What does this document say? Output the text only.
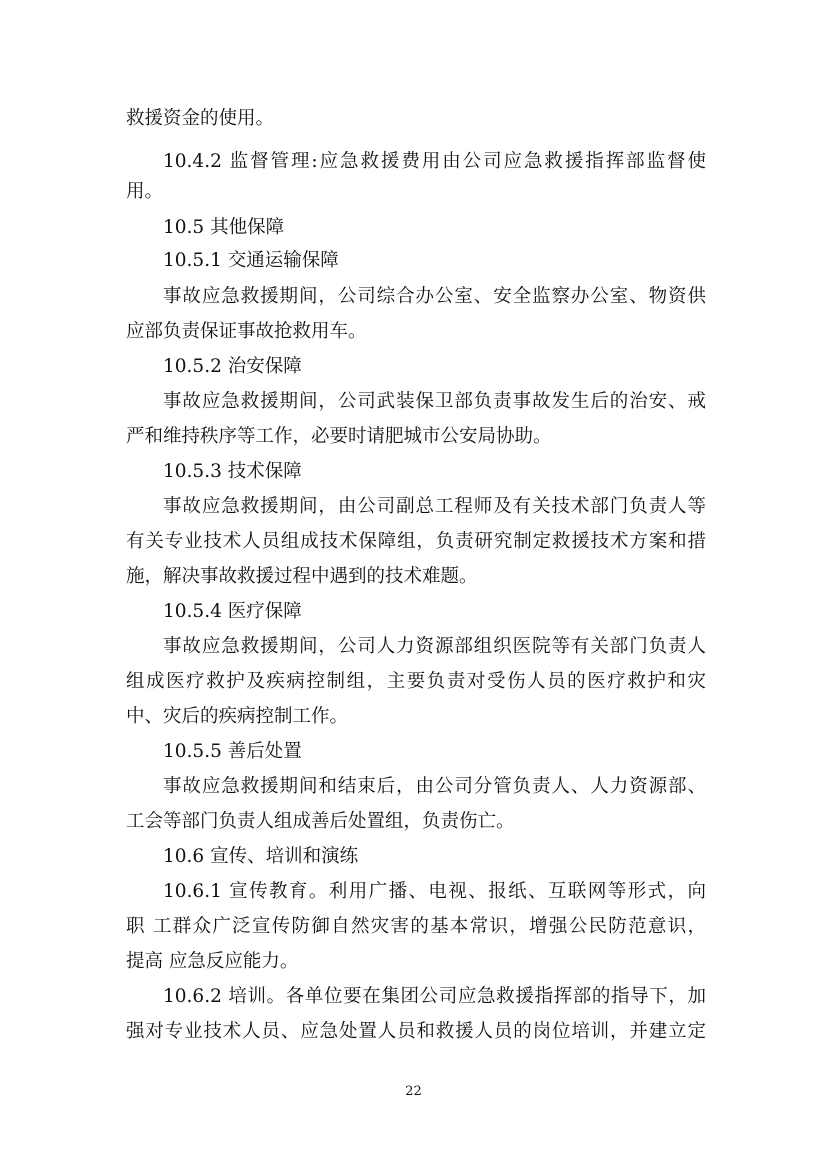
救援资金的使用。
10.4.2 监督管理:应急救援费用由公司应急救援指挥部监督使
用。
10.5 其他保障
10.5.1 交通运输保障
事故应急救援期间，公司综合办公室、安全监察办公室、物资供
应部负责保证事故抢救用车。
10.5.2 治安保障
事故应急救援期间，公司武装保卫部负责事故发生后的治安、戒
严和维持秩序等工作，必要时请肥城市公安局协助。
10.5.3 技术保障
事故应急救援期间，由公司副总工程师及有关技术部门负责人等
有关专业技术人员组成技术保障组，负责研究制定救援技术方案和措
施，解决事故救援过程中遇到的技术难题。
10.5.4 医疗保障
事故应急救援期间，公司人力资源部组织医院等有关部门负责人
组成医疗救护及疾病控制组，主要负责对受伤人员的医疗救护和灾
中、灾后的疾病控制工作。
10.5.5 善后处置
事故应急救援期间和结束后，由公司分管负责人、人力资源部、
工会等部门负责人组成善后处置组，负责伤亡。
10.6 宣传、培训和演练
10.6.1 宣传教育。利用广播、电视、报纸、互联网等形式，向
职 工群众广泛宣传防御自然灾害的基本常识，增强公民防范意识，
提高 应急反应能力。
10.6.2 培训。各单位要在集团公司应急救援指挥部的指导下，加
强对专业技术人员、应急处置人员和救援人员的岗位培训，并建立定
22
